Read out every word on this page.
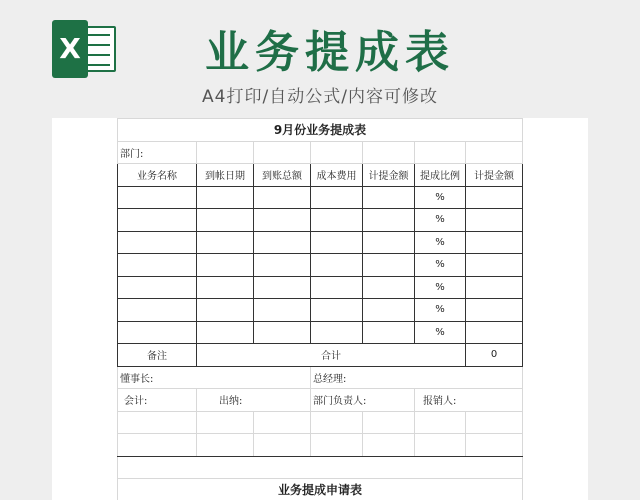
X	业务提成表
A4打印/自动公式/内容可修改
9月份业务提成表						
部门:						
业务名称	到帐日期	到账总额	成本费用	计提金额	提成比例	计提金额
					%	
					%	
					%	
					%	
					%	
					%	
					%	
备注	合计					0
懂事长:			总经理:			
会计:	出纳:		部门负责人:		报销人:	

业务提成申请表						
